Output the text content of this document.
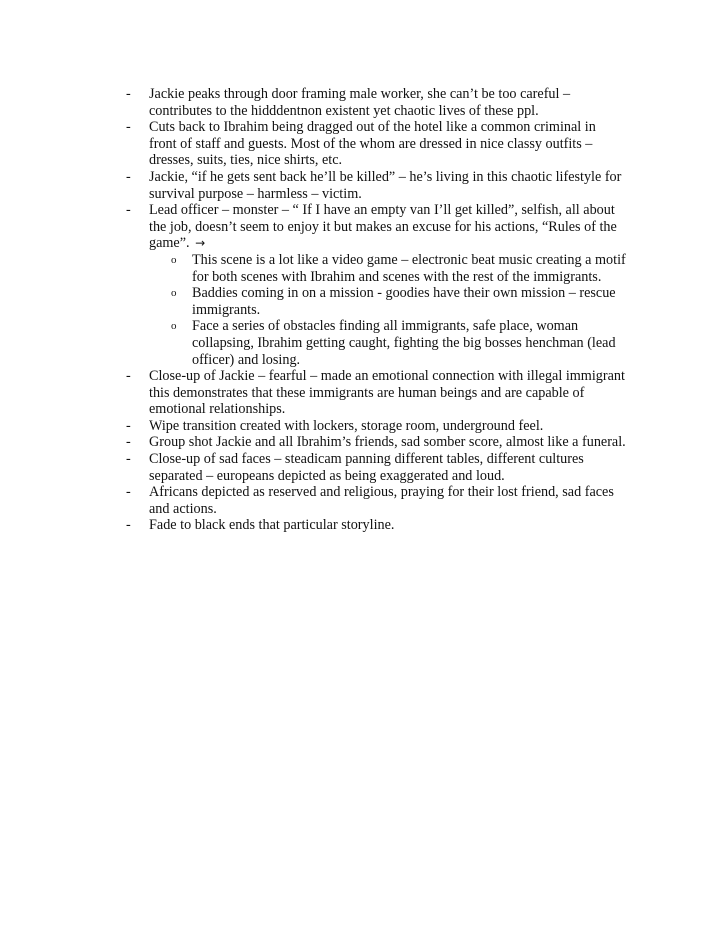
- Jackie peaks through door framing male worker, she can’t be too careful – contributes to the hidddentnon existent yet chaotic lives of these ppl.
- Cuts back to Ibrahim being dragged out of the hotel like a common criminal in front of staff and guests. Most of the whom are dressed in nice classy outfits – dresses, suits, ties, nice shirts, etc.
- Jackie, “if he gets sent back he’ll be killed” – he’s living in this chaotic lifestyle for survival purpose – harmless – victim.
- Lead officer – monster – “ If I have an empty van I’ll get killed”, selfish, all about the job, doesn’t seem to enjoy it but makes an excuse for his actions, “Rules of the game”. →
o This scene is a lot like a video game – electronic beat music creating a motif for both scenes with Ibrahim and scenes with the rest of the immigrants.
o Baddies coming in on a mission - goodies have their own mission – rescue immigrants.
o Face a series of obstacles finding all immigrants, safe place, woman collapsing, Ibrahim getting caught, fighting the big bosses henchman (lead officer) and losing.
- Close-up of Jackie – fearful – made an emotional connection with illegal immigrant this demonstrates that these immigrants are human beings and are capable of emotional relationships.
- Wipe transition created with lockers, storage room, underground feel.
- Group shot Jackie and all Ibrahim’s friends, sad somber score, almost like a funeral.
- Close-up of sad faces – steadicam panning different tables, different cultures separated – europeans depicted as being exaggerated and loud.
- Africans depicted as reserved and religious, praying for their lost friend, sad faces and actions.
- Fade to black ends that particular storyline.
